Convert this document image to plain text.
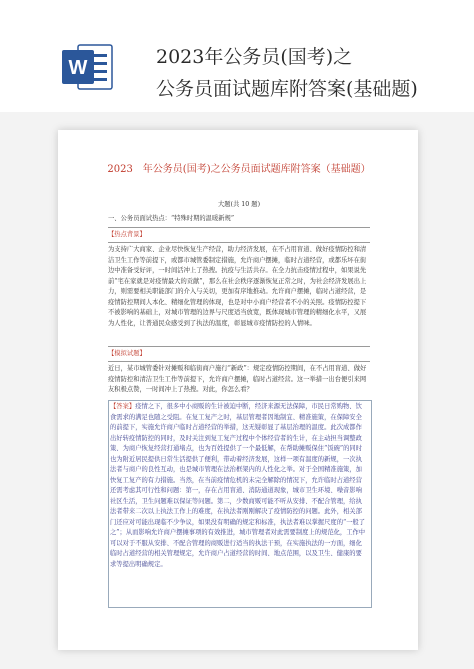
W	2023年公务员(国考)之
公务员面试题库附答案(基础题)
2023　年公务员(国考)之公务员面试题库附答案（基础题）
大题(共 10 题)
一、公务员面试热点：“特殊时期的温暖新规”
【热点背景】
为支持广大商家、企业尽快恢复生产经营，助力经济发展，在不占用盲道、做好疫情防控和清洁卫生工作等前提下，或都市城管委制定措施，允许商户摆摊，临时占道经营，或都乐坏在街边中准备受好评，一时间活冲上了热搜。抗疫与生活共存。在全力抗击疫情过程中，如果说先前“宅在家就是对疫情最大的贡献”，那么在社会秩序逐渐恢复正常之时，为社会经济发展出上力，则需要相关职能部门的介入与关切，更加有序地推动。允许商户摆摊，临时占道经营，是疫情防控期间人本化、精细化管理的体现，也是对中小商户经营者不小的关照。疫情防控提下不被影响的基础上，对城市管理的边界与尺度适当放宽，既体现城市管理的精细化水平，又展为人性化，让普通民众感受到了执法的温度，彰显城市疫情防控的人情味。
【模拟试题】
近日，某市城管委针对摊贩和临街商户施行“新政”：规定疫情防控期间，在不占用盲道、做好疫情防控和清洁卫生工作等前提下，允许商户摆摊，临时占道经营。这一举措一出台便引来网友积极点赞，一时间冲上了热搜。对此，你怎么看？
【答案】疫情之下，很多中小商贩的生计被迫中断，经济来源无法保障，市民日常购物、饮食需求的满足也随之受阻。在复工复产之时，基层管理者因地制宜、精准施策，在保障安全的前提下，实施允许商户临时占道经营的举措，这无疑彰显了基层治理的温度。此次成都作出好转疫情防控的同时，及时关注到复工复产过程中个体经营者的生计，在主动担当调整政策、为商户恢复经营打通堵点，也为百姓提供了一个最低解，在帮助摊贩保住“饭碗”的同时也为附近居民提供日常生活提供了便利，带动着经济发展，这样一项有温度的新规，一次执法者与商户的良性互动，也是城市管理在法治框架内的人性化之举。对于全国精准施策，加快复工复产的有力措施。当然，在当前疫情危机的未完全解除的情况下，允许临时占道经营还需考虑其可行性和问题：第一，存在占用盲道、消防通道现象，城市卫生环境、噪音影响社区生活，卫生问题难以保证等问题。第二，少数商贩可能不听从安排、不配合管理，给执法者带来二次以上执法工作上的难度，在执法者刚刚解决了疫情防控的问题。此外，相关部门还应对可能出现临不少争议，如果没有明确的规定和标准，执法者难以掌握尺度的“一般了之”；从而影响允许商户摆摊事项的有效推进，城市管理者对此需要制度上的规范化，工作中可以对于不服从安排、不配合管理的商贩进行适当的执法干预，在实施执法的一方面，细化临时占道经营的相关管理规定，允许商户占道经营的时间、地点范围，以及卫生、健康的要求等提出明确规定。
